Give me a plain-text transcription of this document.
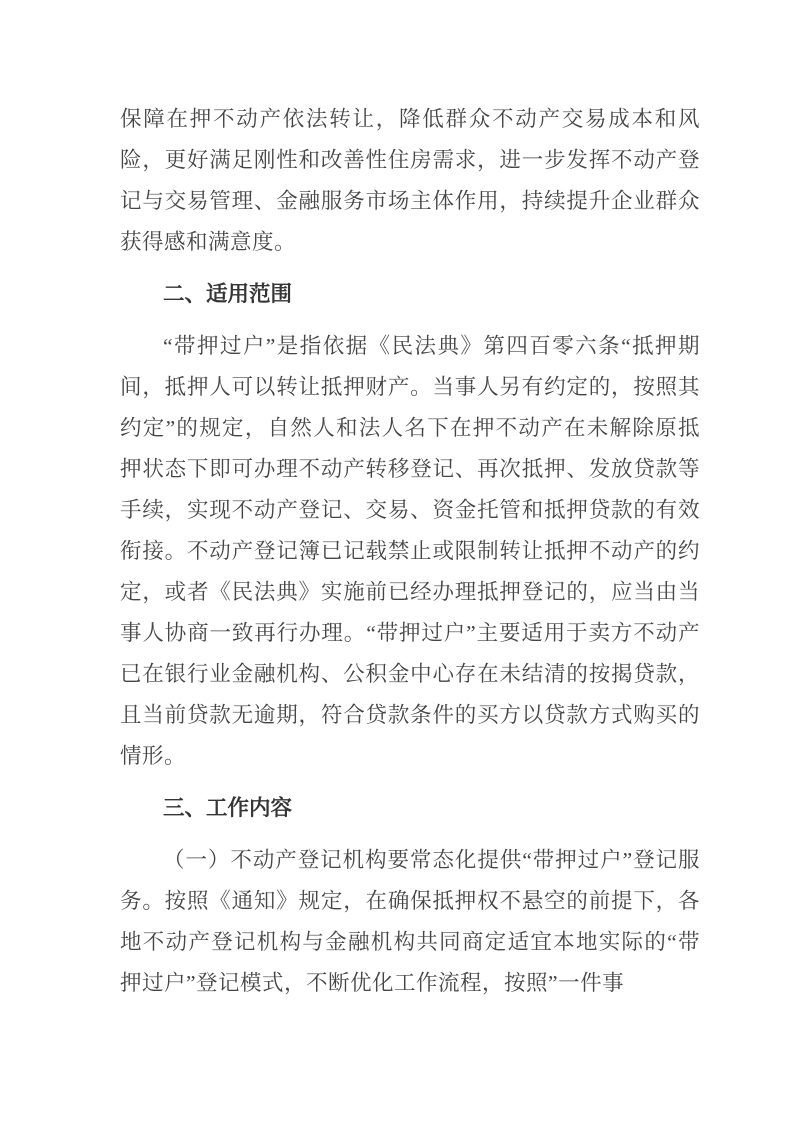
保障在押不动产依法转让，降低群众不动产交易成本和风险，更好满足刚性和改善性住房需求，进一步发挥不动产登记与交易管理、金融服务市场主体作用，持续提升企业群众获得感和满意度。

二、适用范围

“带押过户”是指依据《民法典》第四百零六条“抵押期间，抵押人可以转让抵押财产。当事人另有约定的，按照其约定”的规定，自然人和法人名下在押不动产在未解除原抵押状态下即可办理不动产转移登记、再次抵押、发放贷款等手续，实现不动产登记、交易、资金托管和抵押贷款的有效衔接。不动产登记簿已记载禁止或限制转让抵押不动产的约定，或者《民法典》实施前已经办理抵押登记的，应当由当事人协商一致再行办理。“带押过户”主要适用于卖方不动产已在银行业金融机构、公积金中心存在未结清的按揭贷款，且当前贷款无逾期，符合贷款条件的买方以贷款方式购买的情形。

三、工作内容

（一）不动产登记机构要常态化提供“带押过户”登记服务。按照《通知》规定，在确保抵押权不悬空的前提下，各地不动产登记机构与金融机构共同商定适宜本地实际的“带押过户”登记模式，不断优化工作流程，按照”一件事
